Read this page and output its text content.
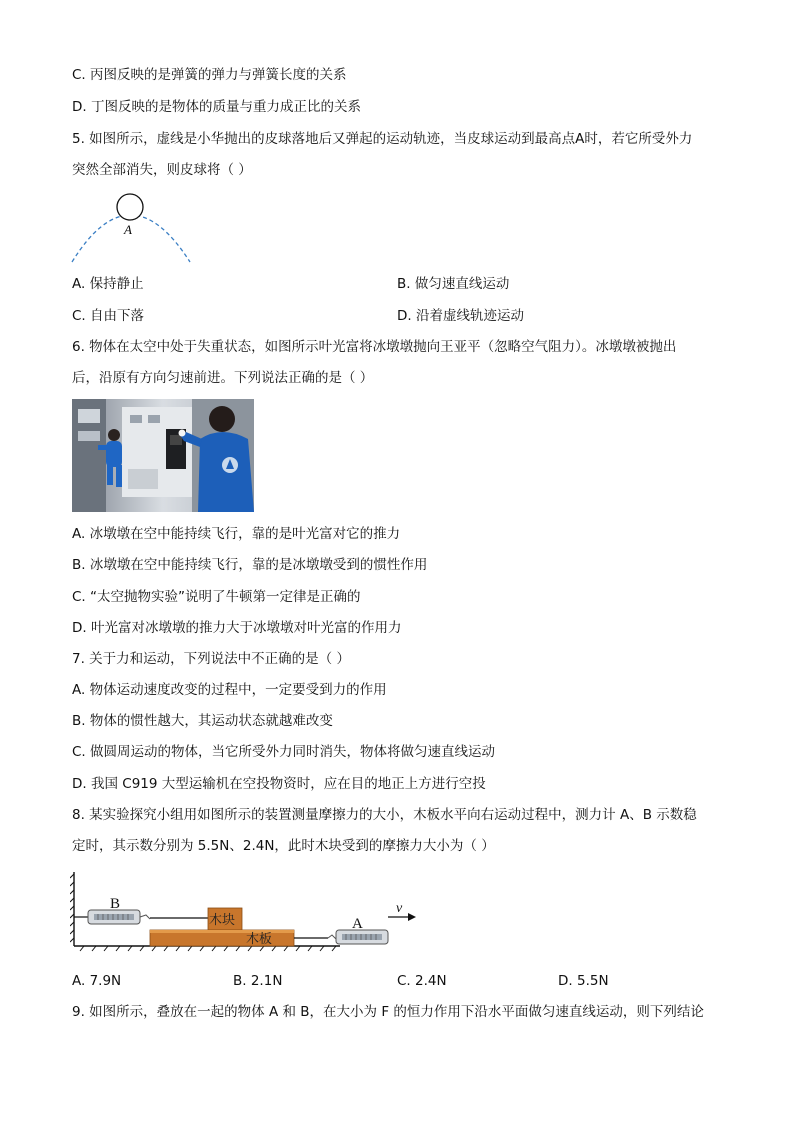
C. 丙图反映的是弹簧的弹力与弹簧长度的关系
D. 丁图反映的是物体的质量与重力成正比的关系
5. 如图所示，虚线是小华抛出的皮球落地后又弹起的运动轨迹，当皮球运动到最高点A时，若它所受外力
突然全部消失，则皮球将（ ）
A
A. 保持静止	B. 做匀速直线运动
C. 自由下落	D. 沿着虚线轨迹运动
6. 物体在太空中处于失重状态，如图所示叶光富将冰墩墩抛向王亚平（忽略空气阻力）。冰墩墩被抛出
后，沿原有方向匀速前进。下列说法正确的是（ ）
A. 冰墩墩在空中能持续飞行，靠的是叶光富对它的推力
B. 冰墩墩在空中能持续飞行，靠的是冰墩墩受到的惯性作用
C. “太空抛物实验”说明了牛顿第一定律是正确的
D. 叶光富对冰墩墩的推力大于冰墩墩对叶光富的作用力
7. 关于力和运动，下列说法中不正确的是（ ）
A. 物体运动速度改变的过程中，一定要受到力的作用
B. 物体的惯性越大，其运动状态就越难改变
C. 做圆周运动的物体，当它所受外力同时消失，物体将做匀速直线运动
D. 我国 C919 大型运输机在空投物资时，应在目的地正上方进行空投
8. 某实验探究小组用如图所示的装置测量摩擦力的大小，木板水平向右运动过程中，测力计 A、B 示数稳
定时，其示数分别为 5.5N、2.4N，此时木块受到的摩擦力大小为（ ）
B
木块
木板
A
v
A. 7.9N	B. 2.1N	C. 2.4N	D. 5.5N
9. 如图所示，叠放在一起的物体 A 和 B，在大小为 F 的恒力作用下沿水平面做匀速直线运动，则下列结论
